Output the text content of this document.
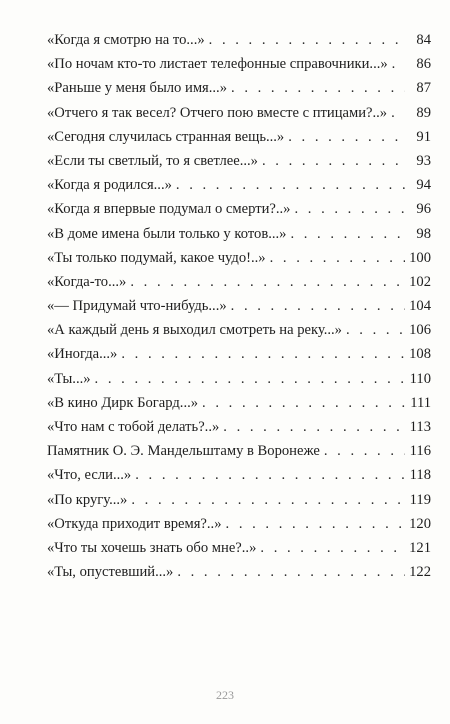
«Когда я смотрю на то...» . . .	84
«По ночам кто-то листает телефонные справочники...» . . .	86
«Раньше у меня было имя...» . . .	87
«Отчего я так весел? Отчего пою вместе с птицами?..» . . .	89
«Сегодня случилась странная вещь...» . . .	91
«Если ты светлый, то я светлее...» . . .	93
«Когда я родился...» . . .	94
«Когда я впервые подумал о смерти?..» . . .	96
«В доме имена были только у котов...» . . .	98
«Ты только подумай, какое чудо!..» . . .	100
«Когда-то...» . . .	102
«— Придумай что-нибудь...» . . .	104
«А каждый день я выходил смотреть на реку...» . . .	106
«Иногда...» . . .	108
«Ты...» . . .	110
«В кино Дирк Богард...» . . .	111
«Что нам с тобой делать?..» . . .	113
Памятник О. Э. Мандельштаму в Воронеже . . .	116
«Что, если...» . . .	118
«По кругу...» . . .	119
«Откуда приходит время?..» . . .	120
«Что ты хочешь знать обо мне?..» . . .	121
«Ты, опустевший...» . . .	122
223
